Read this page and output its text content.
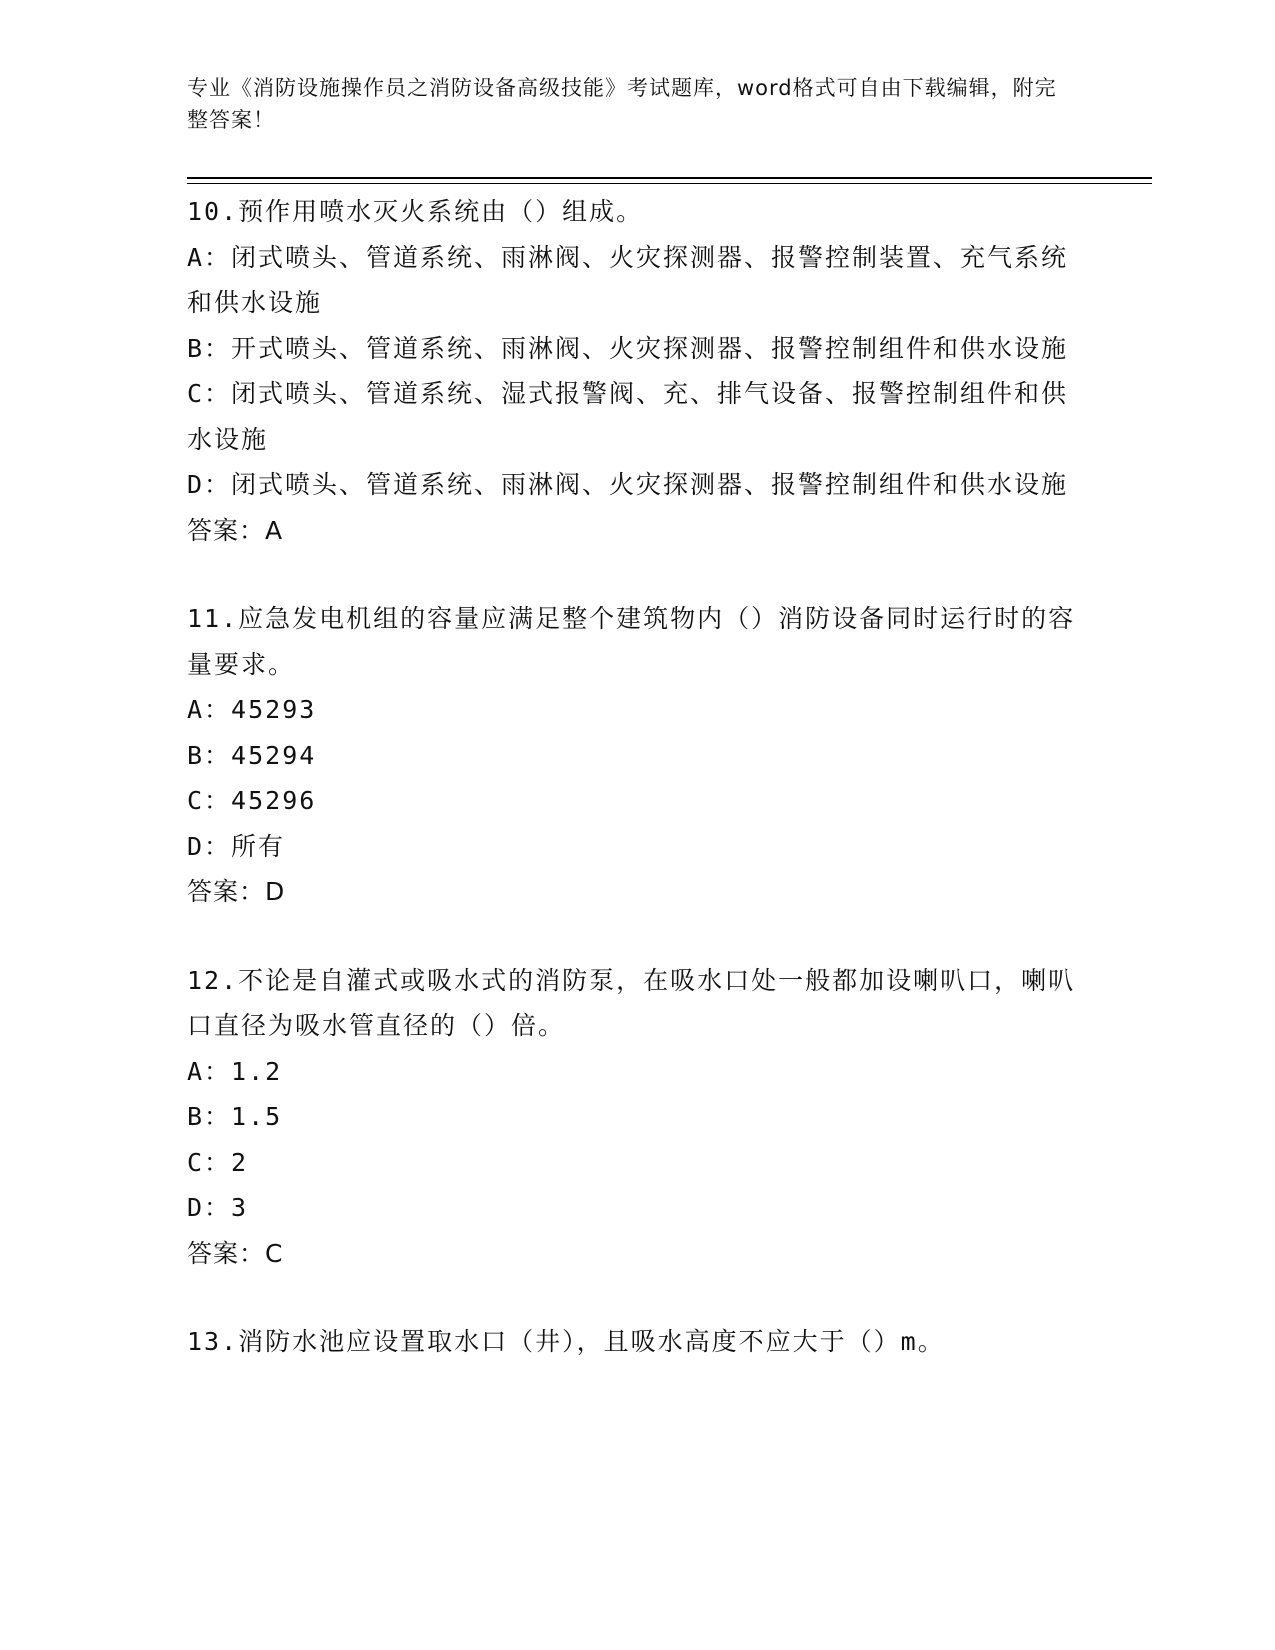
专业《消防设施操作员之消防设备高级技能》考试题库，word格式可自由下载编辑，附完整答案！
10.预作用喷水灭火系统由（）组成。
A：闭式喷头、管道系统、雨淋阀、火灾探测器、报警控制装置、充气系统和供水设施
B：开式喷头、管道系统、雨淋阀、火灾探测器、报警控制组件和供水设施
C：闭式喷头、管道系统、湿式报警阀、充、排气设备、报警控制组件和供水设施
D：闭式喷头、管道系统、雨淋阀、火灾探测器、报警控制组件和供水设施
答案：A
11.应急发电机组的容量应满足整个建筑物内（）消防设备同时运行时的容量要求。
A：45293
B：45294
C：45296
D：所有
答案：D
12.不论是自灌式或吸水式的消防泵，在吸水口处一般都加设喇叭口，喇叭口直径为吸水管直径的（）倍。
A：1.2
B：1.5
C：2
D：3
答案：C
13.消防水池应设置取水口（井），且吸水高度不应大于（）m。
